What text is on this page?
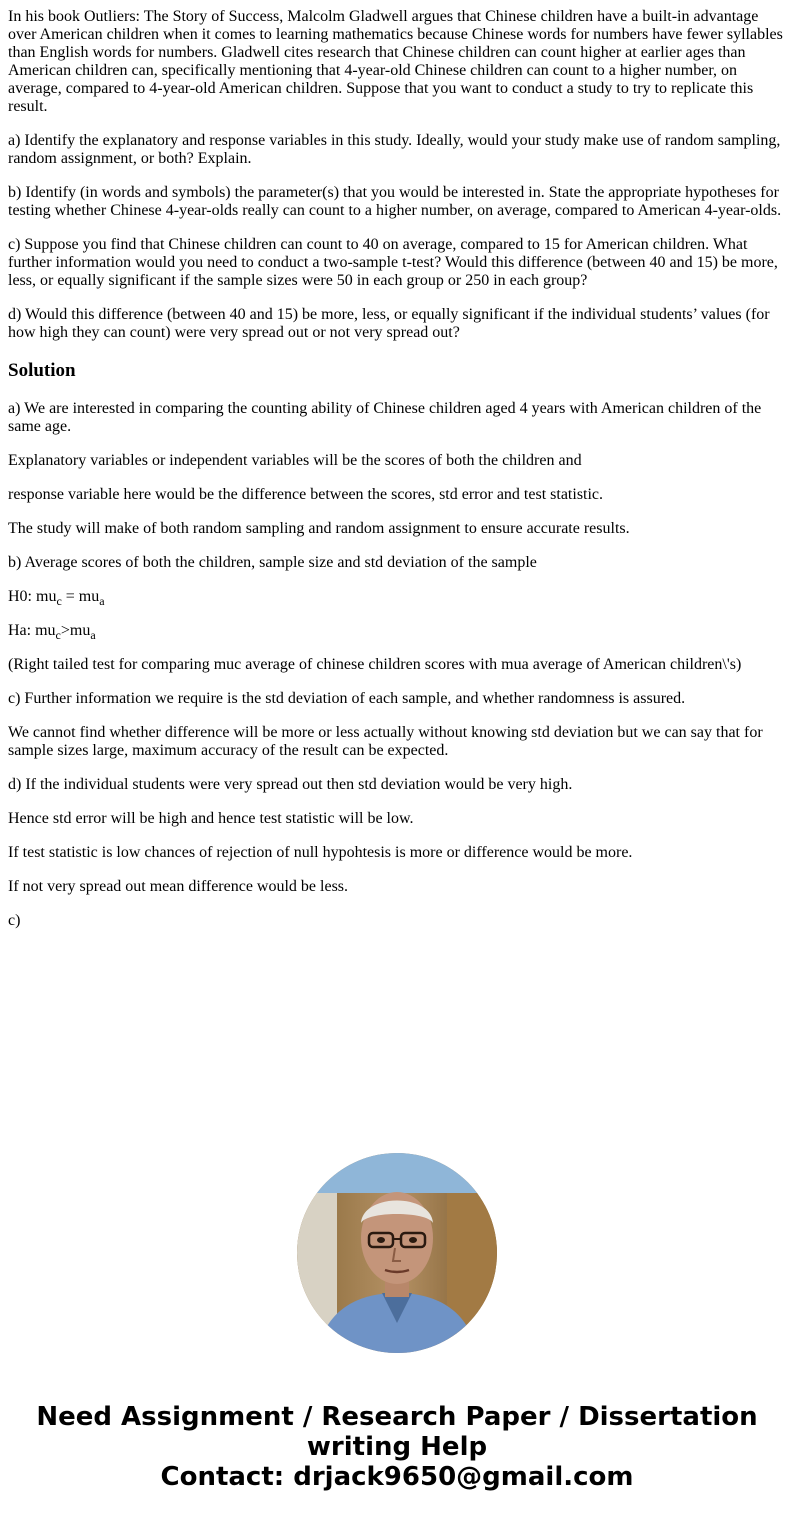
In his book Outliers: The Story of Success, Malcolm Gladwell argues that Chinese children have a built-in advantage over American children when it comes to learning mathematics because Chinese words for numbers have fewer syllables than English words for numbers. Gladwell cites research that Chinese children can count higher at earlier ages than American children can, specifically mentioning that 4-year-old Chinese children can count to a higher number, on average, compared to 4-year-old American children. Suppose that you want to conduct a study to try to replicate this result.

a) Identify the explanatory and response variables in this study. Ideally, would your study make use of random sampling, random assignment, or both? Explain.

b) Identify (in words and symbols) the parameter(s) that you would be interested in. State the appropriate hypotheses for testing whether Chinese 4-year-olds really can count to a higher number, on average, compared to American 4-year-olds.

c) Suppose you find that Chinese children can count to 40 on average, compared to 15 for American children. What further information would you need to conduct a two-sample t-test? Would this difference (between 40 and 15) be more, less, or equally significant if the sample sizes were 50 in each group or 250 in each group?

d) Would this difference (between 40 and 15) be more, less, or equally significant if the individual students’ values (for how high they can count) were very spread out or not very spread out?

Solution

a) We are interested in comparing the counting ability of Chinese children aged 4 years with American children of the same age.

Explanatory variables or independent variables will be the scores of both the children and

response variable here would be the difference between the scores, std error and test statistic.

The study will make of both random sampling and random assignment to ensure accurate results.

b) Average scores of both the children, sample size and std deviation of the sample

H0: $mu_c = mu_a$

Ha: $mu_c>mu_a$

(Right tailed test for comparing muc average of chinese children scores with mua average of American children\'s)

c) Further information we require is the std deviation of each sample, and whether randomness is assured.

We cannot find whether difference will be more or less actually without knowing std deviation but we can say that for sample sizes large, maximum accuracy of the result can be expected.

d) If the individual students were very spread out then std deviation would be very high.

Hence std error will be high and hence test statistic will be low.

If test statistic is low chances of rejection of null hypohtesis is more or difference would be more.

If not very spread out mean difference would be less.

c)

Need Assignment / Research Paper / Dissertation
writing Help
Contact: drjack9650@gmail.com
